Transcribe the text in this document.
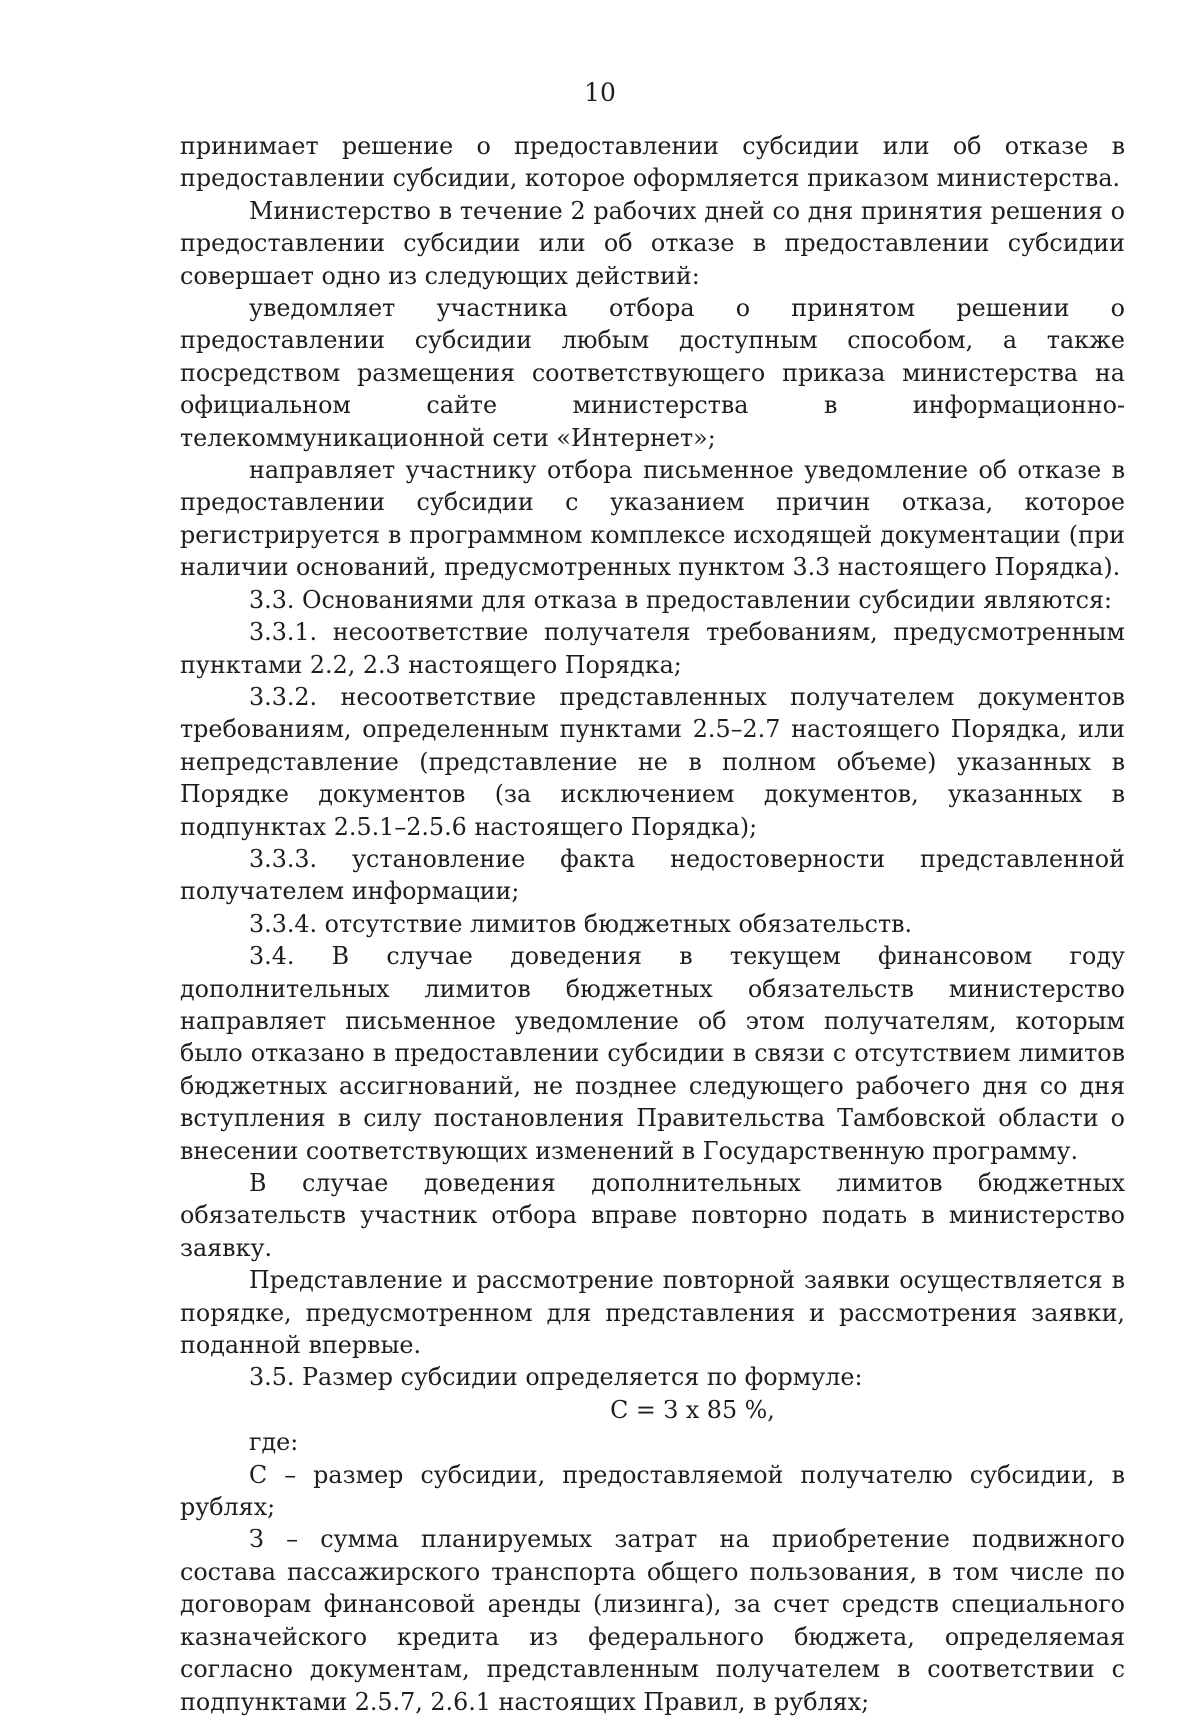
10

принимает решение о предоставлении субсидии или об отказе в предоставлении субсидии, которое оформляется приказом министерства.

Министерство в течение 2 рабочих дней со дня принятия решения о предоставлении субсидии или об отказе в предоставлении субсидии совершает одно из следующих действий:

уведомляет участника отбора о принятом решении о предоставлении субсидии любым доступным способом, а также посредством размещения соответствующего приказа министерства на официальном сайте министерства в информационно-телекоммуникационной сети «Интернет»;

направляет участнику отбора письменное уведомление об отказе в предоставлении субсидии с указанием причин отказа, которое регистрируется в программном комплексе исходящей документации (при наличии оснований, предусмотренных пунктом 3.3 настоящего Порядка).

3.3. Основаниями для отказа в предоставлении субсидии являются:

3.3.1. несоответствие получателя требованиям, предусмотренным пунктами 2.2, 2.3 настоящего Порядка;

3.3.2. несоответствие представленных получателем документов требованиям, определенным пунктами 2.5–2.7 настоящего Порядка, или непредставление (представление не в полном объеме) указанных в Порядке документов (за исключением документов, указанных в подпунктах 2.5.1–2.5.6 настоящего Порядка);

3.3.3. установление факта недостоверности представленной получателем информации;

3.3.4. отсутствие лимитов бюджетных обязательств.

3.4. В случае доведения в текущем финансовом году дополнительных лимитов бюджетных обязательств министерство направляет письменное уведомление об этом получателям, которым было отказано в предоставлении субсидии в связи с отсутствием лимитов бюджетных ассигнований, не позднее следующего рабочего дня со дня вступления в силу постановления Правительства Тамбовской области о внесении соответствующих изменений в Государственную программу.

В случае доведения дополнительных лимитов бюджетных обязательств участник отбора вправе повторно подать в министерство заявку.

Представление и рассмотрение повторной заявки осуществляется в порядке, предусмотренном для представления и рассмотрения заявки, поданной впервые.

3.5. Размер субсидии определяется по формуле:

С = З х 85 %,

где:

С – размер субсидии, предоставляемой получателю субсидии, в рублях;

З – сумма планируемых затрат на приобретение подвижного состава пассажирского транспорта общего пользования, в том числе по договорам финансовой аренды (лизинга), за счет средств специального казначейского кредита из федерального бюджета, определяемая согласно документам, представленным получателем в соответствии с подпунктами 2.5.7, 2.6.1 настоящих Правил, в рублях;
